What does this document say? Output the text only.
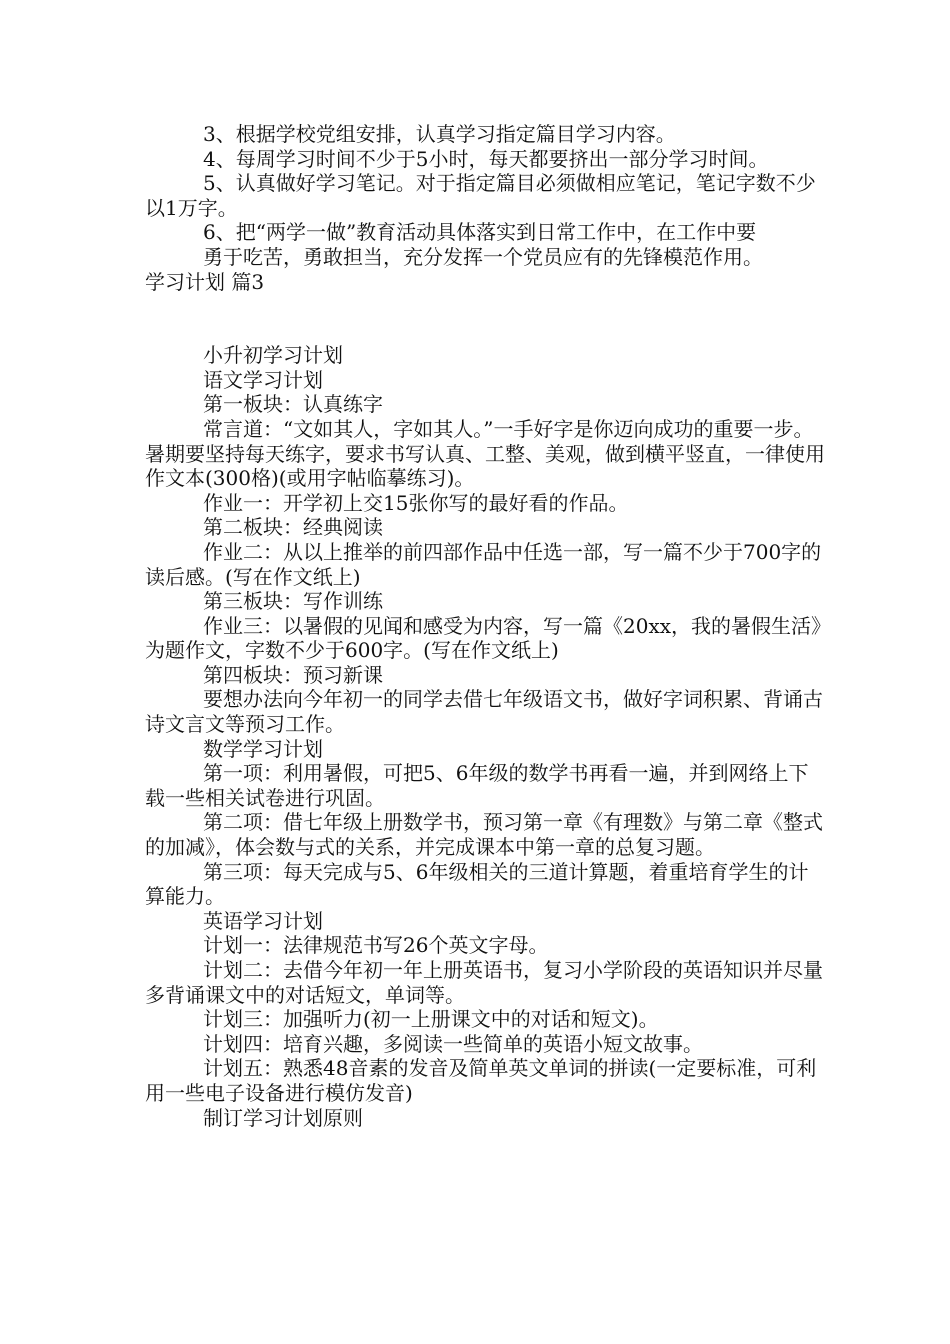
3、根据学校党组安排，认真学习指定篇目学习内容。

4、每周学习时间不少于5小时，每天都要挤出一部分学习时间。

5、认真做好学习笔记。对于指定篇目必须做相应笔记，笔记字数不少以1万字。

6、把“两学一做”教育活动具体落实到日常工作中，在工作中要

勇于吃苦，勇敢担当，充分发挥一个党员应有的先锋模范作用。

学习计划 篇3

小升初学习计划

语文学习计划

第一板块：认真练字

常言道：“文如其人，字如其人。”一手好字是你迈向成功的重要一步。暑期要坚持每天练字，要求书写认真、工整、美观，做到横平竖直，一律使用作文本(300格)(或用字帖临摹练习)。

作业一：开学初上交15张你写的最好看的作品。

第二板块：经典阅读

作业二：从以上推举的前四部作品中任选一部，写一篇不少于700字的读后感。(写在作文纸上)

第三板块：写作训练

作业三：以暑假的见闻和感受为内容，写一篇《20xx，我的暑假生活》为题作文，字数不少于600字。(写在作文纸上)

第四板块：预习新课

要想办法向今年初一的同学去借七年级语文书，做好字词积累、背诵古诗文言文等预习工作。

数学学习计划

第一项：利用暑假，可把5、6年级的数学书再看一遍，并到网络上下载一些相关试卷进行巩固。

第二项：借七年级上册数学书，预习第一章《有理数》与第二章《整式的加减》，体会数与式的关系，并完成课本中第一章的总复习题。

第三项：每天完成与5、6年级相关的三道计算题，着重培育学生的计算能力。

英语学习计划

计划一：法律规范书写26个英文字母。

计划二：去借今年初一年上册英语书，复习小学阶段的英语知识并尽量多背诵课文中的对话短文，单词等。

计划三：加强听力(初一上册课文中的对话和短文)。

计划四：培育兴趣，多阅读一些简单的英语小短文故事。

计划五：熟悉48音素的发音及简单英文单词的拼读(一定要标准，可利用一些电子设备进行模仿发音)

制订学习计划原则
